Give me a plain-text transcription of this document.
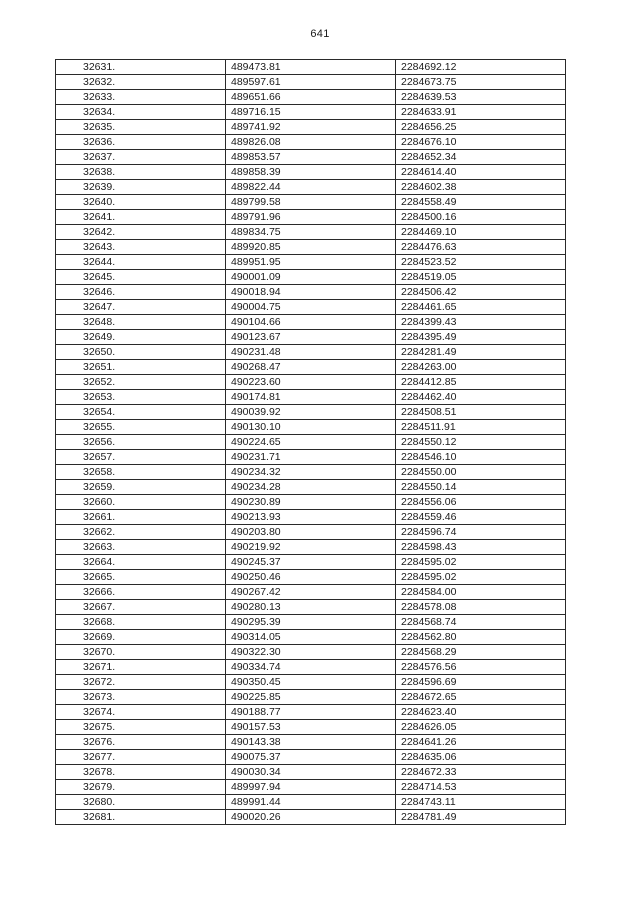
641
32631.	489473.81	2284692.12
32632.	489597.61	2284673.75
32633.	489651.66	2284639.53
32634.	489716.15	2284633.91
32635.	489741.92	2284656.25
32636.	489826.08	2284676.10
32637.	489853.57	2284652.34
32638.	489858.39	2284614.40
32639.	489822.44	2284602.38
32640.	489799.58	2284558.49
32641.	489791.96	2284500.16
32642.	489834.75	2284469.10
32643.	489920.85	2284476.63
32644.	489951.95	2284523.52
32645.	490001.09	2284519.05
32646.	490018.94	2284506.42
32647.	490004.75	2284461.65
32648.	490104.66	2284399.43
32649.	490123.67	2284395.49
32650.	490231.48	2284281.49
32651.	490268.47	2284263.00
32652.	490223.60	2284412.85
32653.	490174.81	2284462.40
32654.	490039.92	2284508.51
32655.	490130.10	2284511.91
32656.	490224.65	2284550.12
32657.	490231.71	2284546.10
32658.	490234.32	2284550.00
32659.	490234.28	2284550.14
32660.	490230.89	2284556.06
32661.	490213.93	2284559.46
32662.	490203.80	2284596.74
32663.	490219.92	2284598.43
32664.	490245.37	2284595.02
32665.	490250.46	2284595.02
32666.	490267.42	2284584.00
32667.	490280.13	2284578.08
32668.	490295.39	2284568.74
32669.	490314.05	2284562.80
32670.	490322.30	2284568.29
32671.	490334.74	2284576.56
32672.	490350.45	2284596.69
32673.	490225.85	2284672.65
32674.	490188.77	2284623.40
32675.	490157.53	2284626.05
32676.	490143.38	2284641.26
32677.	490075.37	2284635.06
32678.	490030.34	2284672.33
32679.	489997.94	2284714.53
32680.	489991.44	2284743.11
32681.	490020.26	2284781.49
